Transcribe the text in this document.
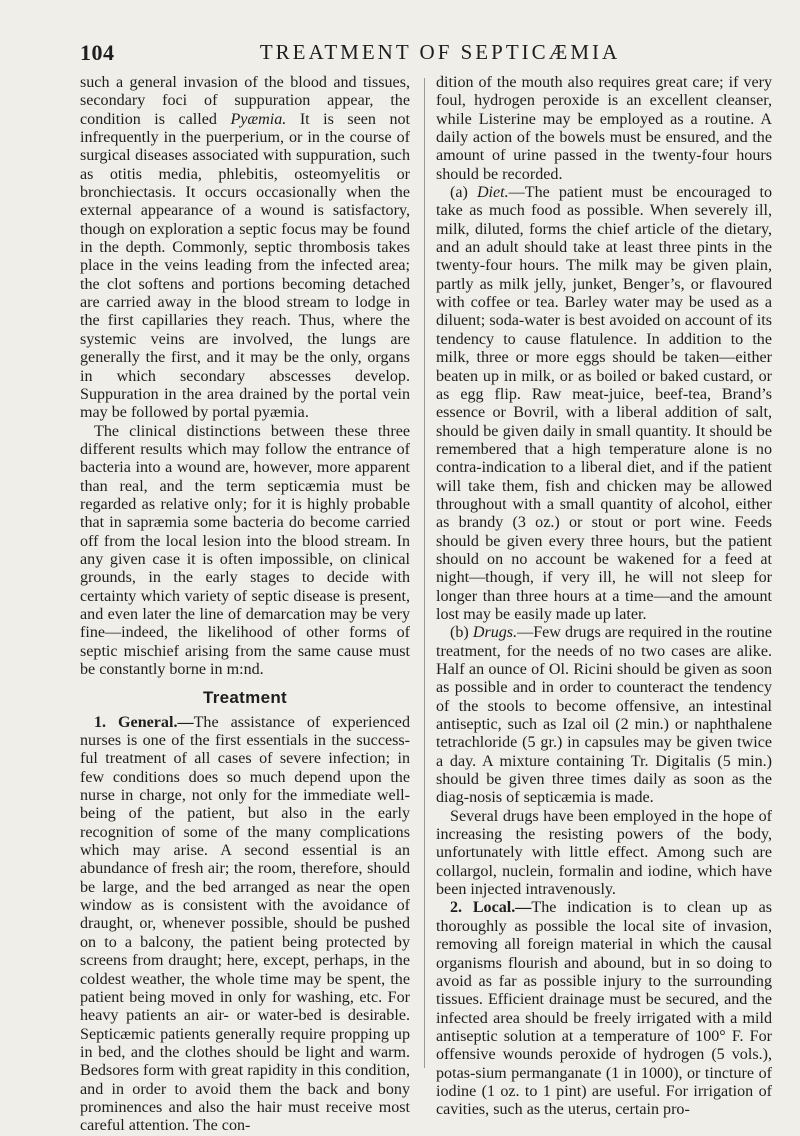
104	TREATMENT OF SEPTICÆMIA

such a general invasion of the blood and tissues, secondary foci of suppuration appear, the condition is called Pyæmia. It is seen not infrequently in the puerperium, or in the course of surgical diseases associated with suppuration, such as otitis media, phlebitis, osteomyelitis or bronchiectasis. It occurs occasionally when the external appearance of a wound is satisfactory, though on exploration a septic focus may be found in the depth. Commonly, septic thrombosis takes place in the veins leading from the infected area; the clot softens and portions becoming detached are carried away in the blood stream to lodge in the first capillaries they reach. Thus, where the systemic veins are involved, the lungs are generally the first, and it may be the only, organs in which secondary abscesses develop. Suppuration in the area drained by the portal vein may be followed by portal pyæmia.

The clinical distinctions between these three different results which may follow the entrance of bacteria into a wound are, however, more apparent than real, and the term septicæmia must be regarded as relative only; for it is highly probable that in sapræmia some bacteria do become carried off from the local lesion into the blood stream. In any given case it is often impossible, on clinical grounds, in the early stages to decide with certainty which variety of septic disease is present, and even later the line of demarcation may be very fine—indeed, the likelihood of other forms of septic mischief arising from the same cause must be constantly borne in m:nd.

Treatment

1. General.—The assistance of experienced nurses is one of the first essentials in the success-ful treatment of all cases of severe infection; in few conditions does so much depend upon the nurse in charge, not only for the immediate well-being of the patient, but also in the early recognition of some of the many complications which may arise. A second essential is an abundance of fresh air; the room, therefore, should be large, and the bed arranged as near the open window as is consistent with the avoidance of draught, or, whenever possible, should be pushed on to a balcony, the patient being protected by screens from draught; here, except, perhaps, in the coldest weather, the whole time may be spent, the patient being moved in only for washing, etc. For heavy patients an air- or water-bed is desirable. Septicæmic patients generally require propping up in bed, and the clothes should be light and warm. Bedsores form with great rapidity in this condition, and in order to avoid them the back and bony prominences and also the hair must receive most careful attention. The con-

dition of the mouth also requires great care; if very foul, hydrogen peroxide is an excellent cleanser, while Listerine may be employed as a routine. A daily action of the bowels must be ensured, and the amount of urine passed in the twenty-four hours should be recorded.

(a) Diet.—The patient must be encouraged to take as much food as possible. When severely ill, milk, diluted, forms the chief article of the dietary, and an adult should take at least three pints in the twenty-four hours. The milk may be given plain, partly as milk jelly, junket, Benger’s, or flavoured with coffee or tea. Barley water may be used as a diluent; soda-water is best avoided on account of its tendency to cause flatulence. In addition to the milk, three or more eggs should be taken—either beaten up in milk, or as boiled or baked custard, or as egg flip. Raw meat-juice, beef-tea, Brand’s essence or Bovril, with a liberal addition of salt, should be given daily in small quantity. It should be remembered that a high temperature alone is no contra-indication to a liberal diet, and if the patient will take them, fish and chicken may be allowed throughout with a small quantity of alcohol, either as brandy (3 oz.) or stout or port wine. Feeds should be given every three hours, but the patient should on no account be wakened for a feed at night—though, if very ill, he will not sleep for longer than three hours at a time—and the amount lost may be easily made up later.

(b) Drugs.—Few drugs are required in the routine treatment, for the needs of no two cases are alike. Half an ounce of Ol. Ricini should be given as soon as possible and in order to counteract the tendency of the stools to become offensive, an intestinal antiseptic, such as Izal oil (2 min.) or naphthalene tetrachloride (5 gr.) in capsules may be given twice a day. A mixture containing Tr. Digitalis (5 min.) should be given three times daily as soon as the diag-nosis of septicæmia is made.

Several drugs have been employed in the hope of increasing the resisting powers of the body, unfortunately with little effect. Among such are collargol, nuclein, formalin and iodine, which have been injected intravenously.

2. Local.—The indication is to clean up as thoroughly as possible the local site of invasion, removing all foreign material in which the causal organisms flourish and abound, but in so doing to avoid as far as possible injury to the surrounding tissues. Efficient drainage must be secured, and the infected area should be freely irrigated with a mild antiseptic solution at a temperature of 100° F. For offensive wounds peroxide of hydrogen (5 vols.), potas-sium permanganate (1 in 1000), or tincture of iodine (1 oz. to 1 pint) are useful. For irrigation of cavities, such as the uterus, certain pro-
